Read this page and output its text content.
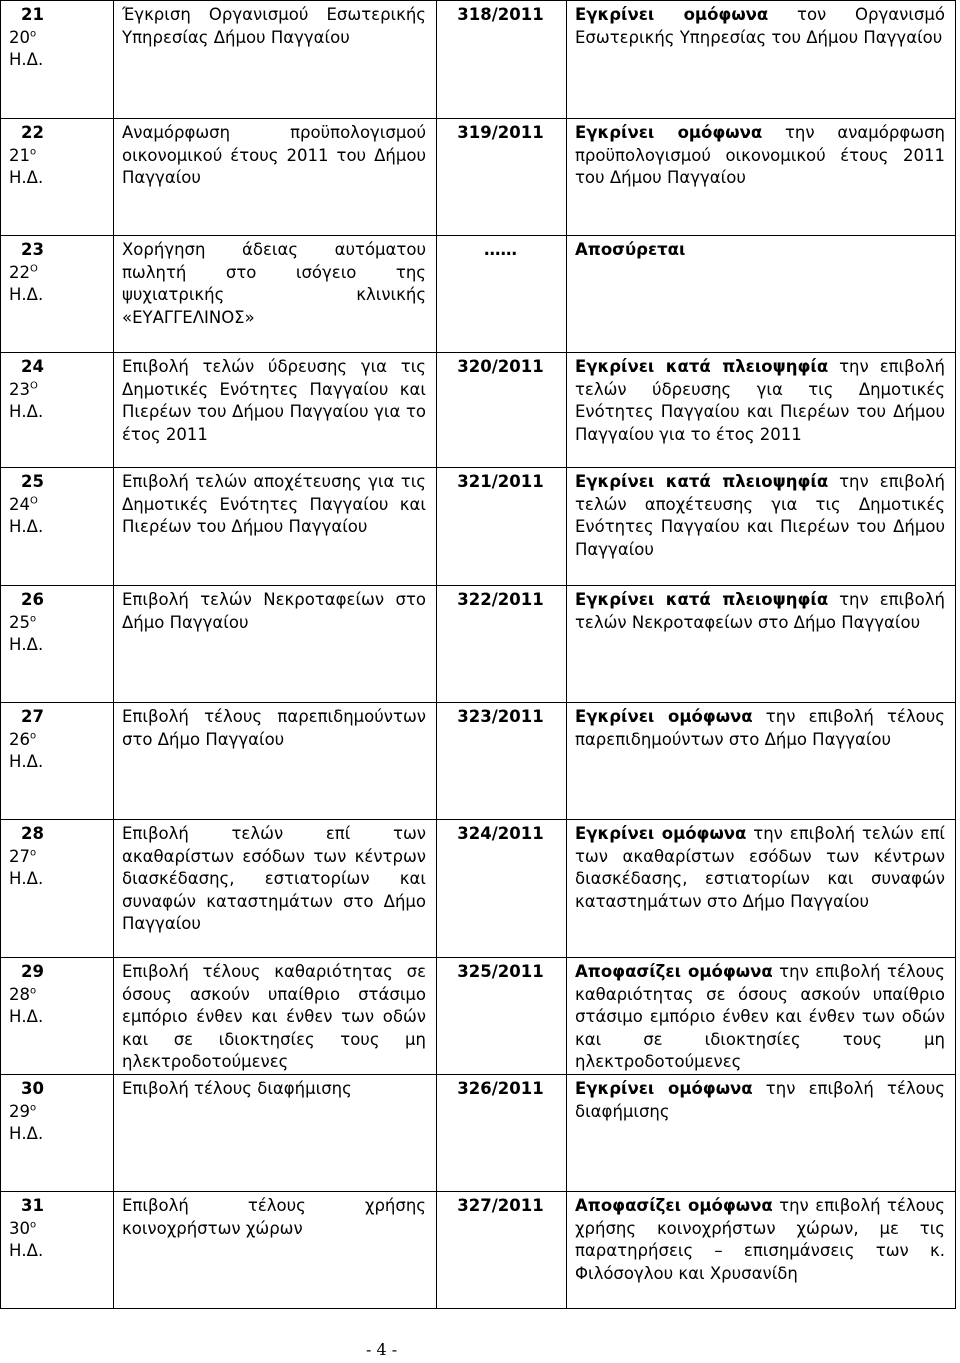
21
$20^o$
Η.Δ.	Έγκριση Οργανισμού Εσωτερικής Υπηρεσίας Δήμου Παγγαίου	318/2011	Εγκρίνει ομόφωνα τον Οργανισμό Εσωτερικής Υπηρεσίας του Δήμου Παγγαίου

22
$21^o$
Η.Δ.	Αναμόρφωση προϋπολογισμού οικονομικού έτους 2011 του Δήμου Παγγαίου	319/2011	Εγκρίνει ομόφωνα την αναμόρφωση προϋπολογισμού οικονομικού έτους 2011 του Δήμου Παγγαίου

23
$22^O$
Η.Δ.	Χορήγηση άδειας αυτόματου πωλητή στο ισόγειο της ψυχιατρικής κλινικής «ΕΥΑΓΓΕΛΙΝΟΣ»	……	Αποσύρεται

24
$23^O$
Η.Δ.	Επιβολή τελών ύδρευσης για τις Δημοτικές Ενότητες Παγγαίου και Πιερέων του Δήμου Παγγαίου για το έτος 2011	320/2011	Εγκρίνει κατά πλειοψηφία την επιβολή τελών ύδρευσης για τις Δημοτικές Ενότητες Παγγαίου και Πιερέων του Δήμου Παγγαίου για το έτος 2011

25
$24^O$
Η.Δ.	Επιβολή τελών αποχέτευσης για τις Δημοτικές Ενότητες Παγγαίου και Πιερέων του Δήμου Παγγαίου	321/2011	Εγκρίνει κατά πλειοψηφία την επιβολή τελών αποχέτευσης για τις Δημοτικές Ενότητες Παγγαίου και Πιερέων του Δήμου Παγγαίου

26
$25^o$
Η.Δ.	Επιβολή τελών Νεκροταφείων στο Δήμο Παγγαίου	322/2011	Εγκρίνει κατά πλειοψηφία την επιβολή τελών Νεκροταφείων στο Δήμο Παγγαίου

27
$26^o$
Η.Δ.	Επιβολή τέλους παρεπιδημούντων στο Δήμο Παγγαίου	323/2011	Εγκρίνει ομόφωνα την επιβολή τέλους παρεπιδημούντων στο Δήμο Παγγαίου

28
$27^o$
Η.Δ.	Επιβολή τελών επί των ακαθαρίστων εσόδων των κέντρων διασκέδασης, εστιατορίων και συναφών καταστημάτων στο Δήμο Παγγαίου	324/2011	Εγκρίνει ομόφωνα την επιβολή τελών επί των ακαθαρίστων εσόδων των κέντρων διασκέδασης, εστιατορίων και συναφών καταστημάτων στο Δήμο Παγγαίου

29
$28^o$
Η.Δ.	Επιβολή τέλους καθαριότητας σε όσους ασκούν υπαίθριο στάσιμο εμπόριο ένθεν και ένθεν των οδών και σε ιδιοκτησίες τους μη ηλεκτροδοτούμενες	325/2011	Αποφασίζει ομόφωνα την επιβολή τέλους καθαριότητας σε όσους ασκούν υπαίθριο στάσιμο εμπόριο ένθεν και ένθεν των οδών και σε ιδιοκτησίες τους μη ηλεκτροδοτούμενες

30
$29^o$
Η.Δ.	Επιβολή τέλους διαφήμισης	326/2011	Εγκρίνει ομόφωνα την επιβολή τέλους διαφήμισης

31
$30^o$
Η.Δ.	Επιβολή τέλους χρήσης κοινοχρήστων χώρων	327/2011	Αποφασίζει ομόφωνα την επιβολή τέλους χρήσης κοινοχρήστων χώρων, με τις παρατηρήσεις – επισημάνσεις των κ. Φιλόσογλου και Χρυσανίδη
- 4 -
